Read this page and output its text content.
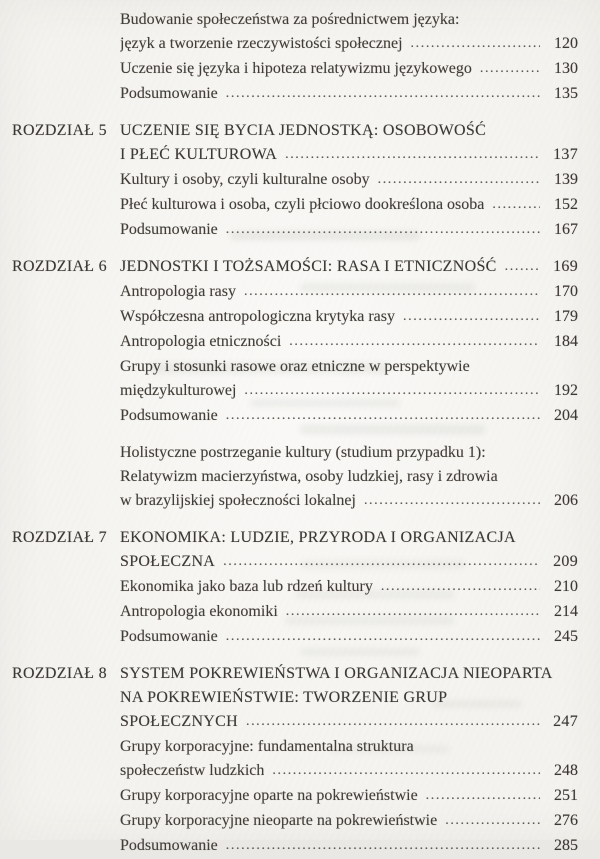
Budowanie społeczeństwa za pośrednictwem języka:
język a tworzenie rzeczywistości społecznej .....	120
Uczenie się języka i hipoteza relatywizmu językowego .....	130
Podsumowanie .....	135
ROZDZIAŁ 5 UCZENIE SIĘ BYCIA JEDNOSTKĄ: OSOBOWOŚĆ
I PŁEĆ KULTUROWA .....	137
Kultury i osoby, czyli kulturalne osoby .....	139
Płeć kulturowa i osoba, czyli płciowo dookreślona osoba .....	152
Podsumowanie .....	167
ROZDZIAŁ 6 JEDNOSTKI I TOŻSAMOŚCI: RASA I ETNICZNOŚĆ .....	169
Antropologia rasy .....	170
Współczesna antropologiczna krytyka rasy .....	179
Antropologia etniczności .....	184
Grupy i stosunki rasowe oraz etniczne w perspektywie
międzykulturowej .....	192
Podsumowanie .....	204
Holistyczne postrzeganie kultury (studium przypadku 1):
Relatywizm macierzyństwa, osoby ludzkiej, rasy i zdrowia
w brazylijskiej społeczności lokalnej .....	206
ROZDZIAŁ 7 EKONOMIKA: LUDZIE, PRZYRODA I ORGANIZACJA
SPOŁECZNA .....	209
Ekonomika jako baza lub rdzeń kultury .....	210
Antropologia ekonomiki .....	214
Podsumowanie .....	245
ROZDZIAŁ 8 SYSTEM POKREWIEŃSTWA I ORGANIZACJA NIEOPARTA
NA POKREWIEŃSTWIE: TWORZENIE GRUP
SPOŁECZNYCH .....	247
Grupy korporacyjne: fundamentalna struktura
społeczeństw ludzkich .....	248
Grupy korporacyjne oparte na pokrewieństwie .....	251
Grupy korporacyjne nieoparte na pokrewieństwie .....	276
Podsumowanie .....	285
